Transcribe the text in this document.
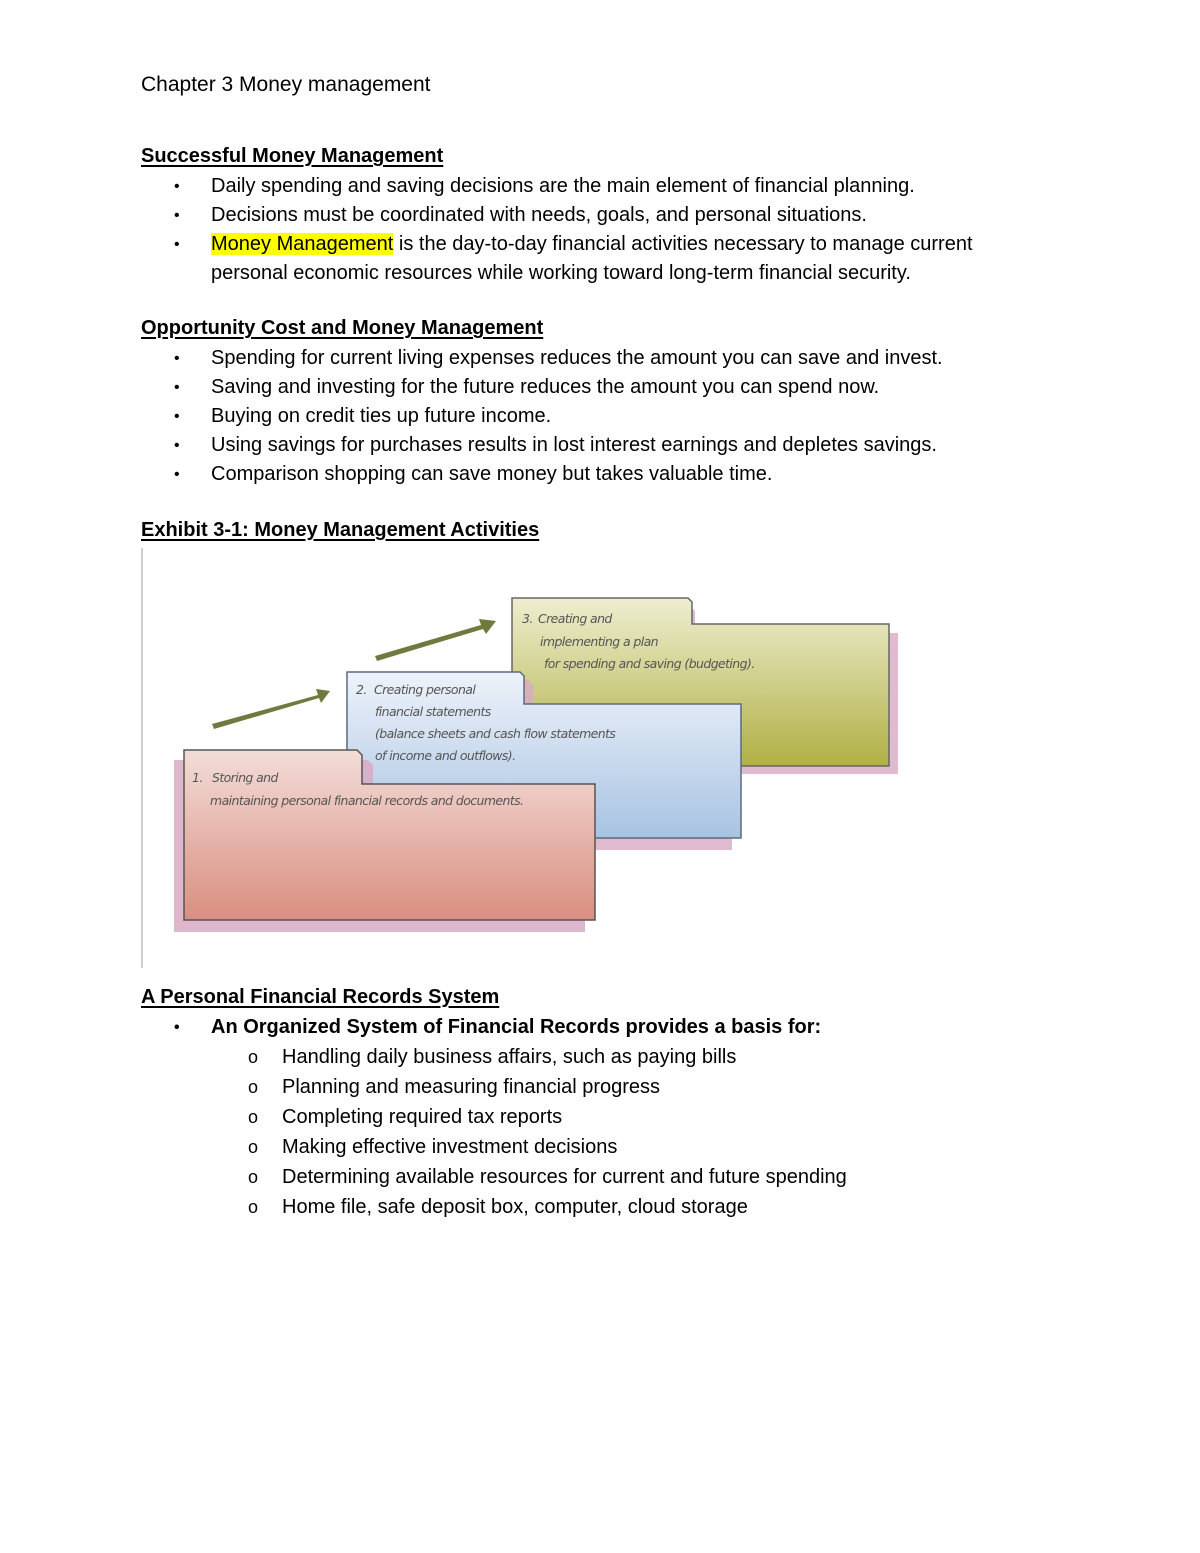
Chapter 3 Money management
Successful Money Management
• Daily spending and saving decisions are the main element of financial planning.
• Decisions must be coordinated with needs, goals, and personal situations.
• Money Management is the day-to-day financial activities necessary to manage current
personal economic resources while working toward long-term financial security.
Opportunity Cost and Money Management
• Spending for current living expenses reduces the amount you can save and invest.
• Saving and investing for the future reduces the amount you can spend now.
• Buying on credit ties up future income.
• Using savings for purchases results in lost interest earnings and depletes savings.
• Comparison shopping can save money but takes valuable time.
Exhibit 3-1: Money Management Activities
3. Creating and
implementing a plan
for spending and saving (budgeting).
2. Creating personal
financial statements
(balance sheets and cash flow statements
of income and outflows).
1. Storing and
maintaining personal financial records and documents.
A Personal Financial Records System
• An Organized System of Financial Records provides a basis for:
o Handling daily business affairs, such as paying bills
o Planning and measuring financial progress
o Completing required tax reports
o Making effective investment decisions
o Determining available resources for current and future spending
o Home file, safe deposit box, computer, cloud storage
